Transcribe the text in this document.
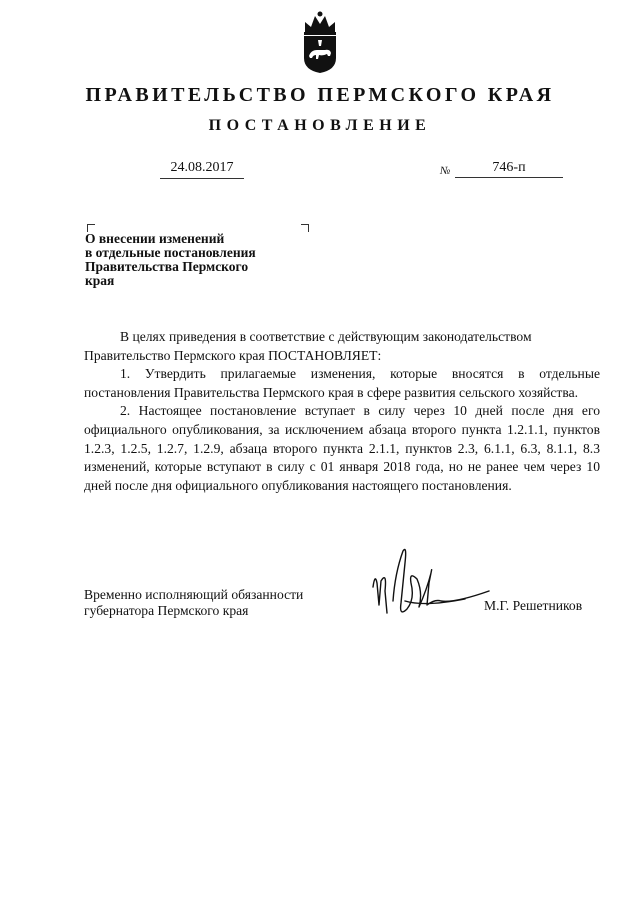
ПРАВИТЕЛЬСТВО ПЕРМСКОГО КРАЯ
ПОСТАНОВЛЕНИЕ
24.08.2017	№	746-п
О внесении изменений
в отдельные постановления
Правительства Пермского
края

В целях приведения в соответствие с действующим законодательством Правительство Пермского края ПОСТАНОВЛЯЕТ:

1. Утвердить прилагаемые изменения, которые вносятся в отдельные постановления Правительства Пермского края в сфере развития сельского хозяйства.

2. Настоящее постановление вступает в силу через 10 дней после дня его официального опубликования, за исключением абзаца второго пункта 1.2.1.1, пунктов 1.2.3, 1.2.5, 1.2.7, 1.2.9, абзаца второго пункта 2.1.1, пунктов 2.3, 6.1.1, 6.3, 8.1.1, 8.3 изменений, которые вступают в силу с 01 января 2018 года, но не ранее чем через 10 дней после дня официального опубликования настоящего постановления.

Временно исполняющий обязанности
губернатора Пермского края	М.Г. Решетников
